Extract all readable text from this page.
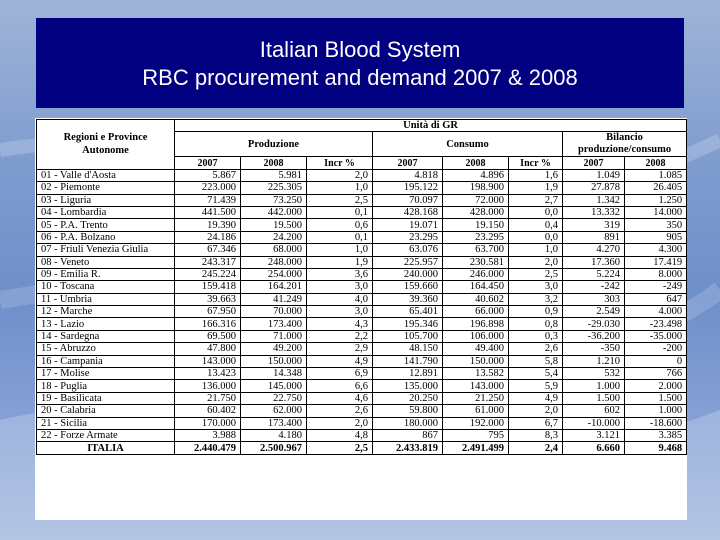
Italian Blood System
RBC procurement and demand 2007 & 2008
Regioni e Province Autonome	Unità di GR							
	Produzione			Consumo			Bilancio produzione/consumo	
	2007	2008	Incr %	2007	2008	Incr %	2007	2008
01 - Valle d'Aosta	5.867	5.981	2,0	4.818	4.896	1,6	1.049	1.085
02 - Piemonte	223.000	225.305	1,0	195.122	198.900	1,9	27.878	26.405
03 - Liguria	71.439	73.250	2,5	70.097	72.000	2,7	1.342	1.250
04 - Lombardia	441.500	442.000	0,1	428.168	428.000	0,0	13.332	14.000
05 - P.A. Trento	19.390	19.500	0,6	19.071	19.150	0,4	319	350
06 - P.A. Bolzano	24.186	24.200	0,1	23.295	23.295	0,0	891	905
07 - Friuli Venezia Giulia	67.346	68.000	1,0	63.076	63.700	1,0	4.270	4.300
08 - Veneto	243.317	248.000	1,9	225.957	230.581	2,0	17.360	17.419
09 - Emilia R.	245.224	254.000	3,6	240.000	246.000	2,5	5.224	8.000
10 - Toscana	159.418	164.201	3,0	159.660	164.450	3,0	-242	-249
11 - Umbria	39.663	41.249	4,0	39.360	40.602	3,2	303	647
12 - Marche	67.950	70.000	3,0	65.401	66.000	0,9	2.549	4.000
13 - Lazio	166.316	173.400	4,3	195.346	196.898	0,8	-29.030	-23.498
14 - Sardegna	69.500	71.000	2,2	105.700	106.000	0,3	-36.200	-35.000
15 - Abruzzo	47.800	49.200	2,9	48.150	49.400	2,6	-350	-200
16 - Campania	143.000	150.000	4,9	141.790	150.000	5,8	1.210	0
17 - Molise	13.423	14.348	6,9	12.891	13.582	5,4	532	766
18 - Puglia	136.000	145.000	6,6	135.000	143.000	5,9	1.000	2.000
19 - Basilicata	21.750	22.750	4,6	20.250	21.250	4,9	1.500	1.500
20 - Calabria	60.402	62.000	2,6	59.800	61.000	2,0	602	1.000
21 - Sicilia	170.000	173.400	2,0	180.000	192.000	6,7	-10.000	-18.600
22 - Forze Armate	3.988	4.180	4,8	867	795	8,3	3.121	3.385
ITALIA	2.440.479	2.500.967	2,5	2.433.819	2.491.499	2,4	6.660	9.468
